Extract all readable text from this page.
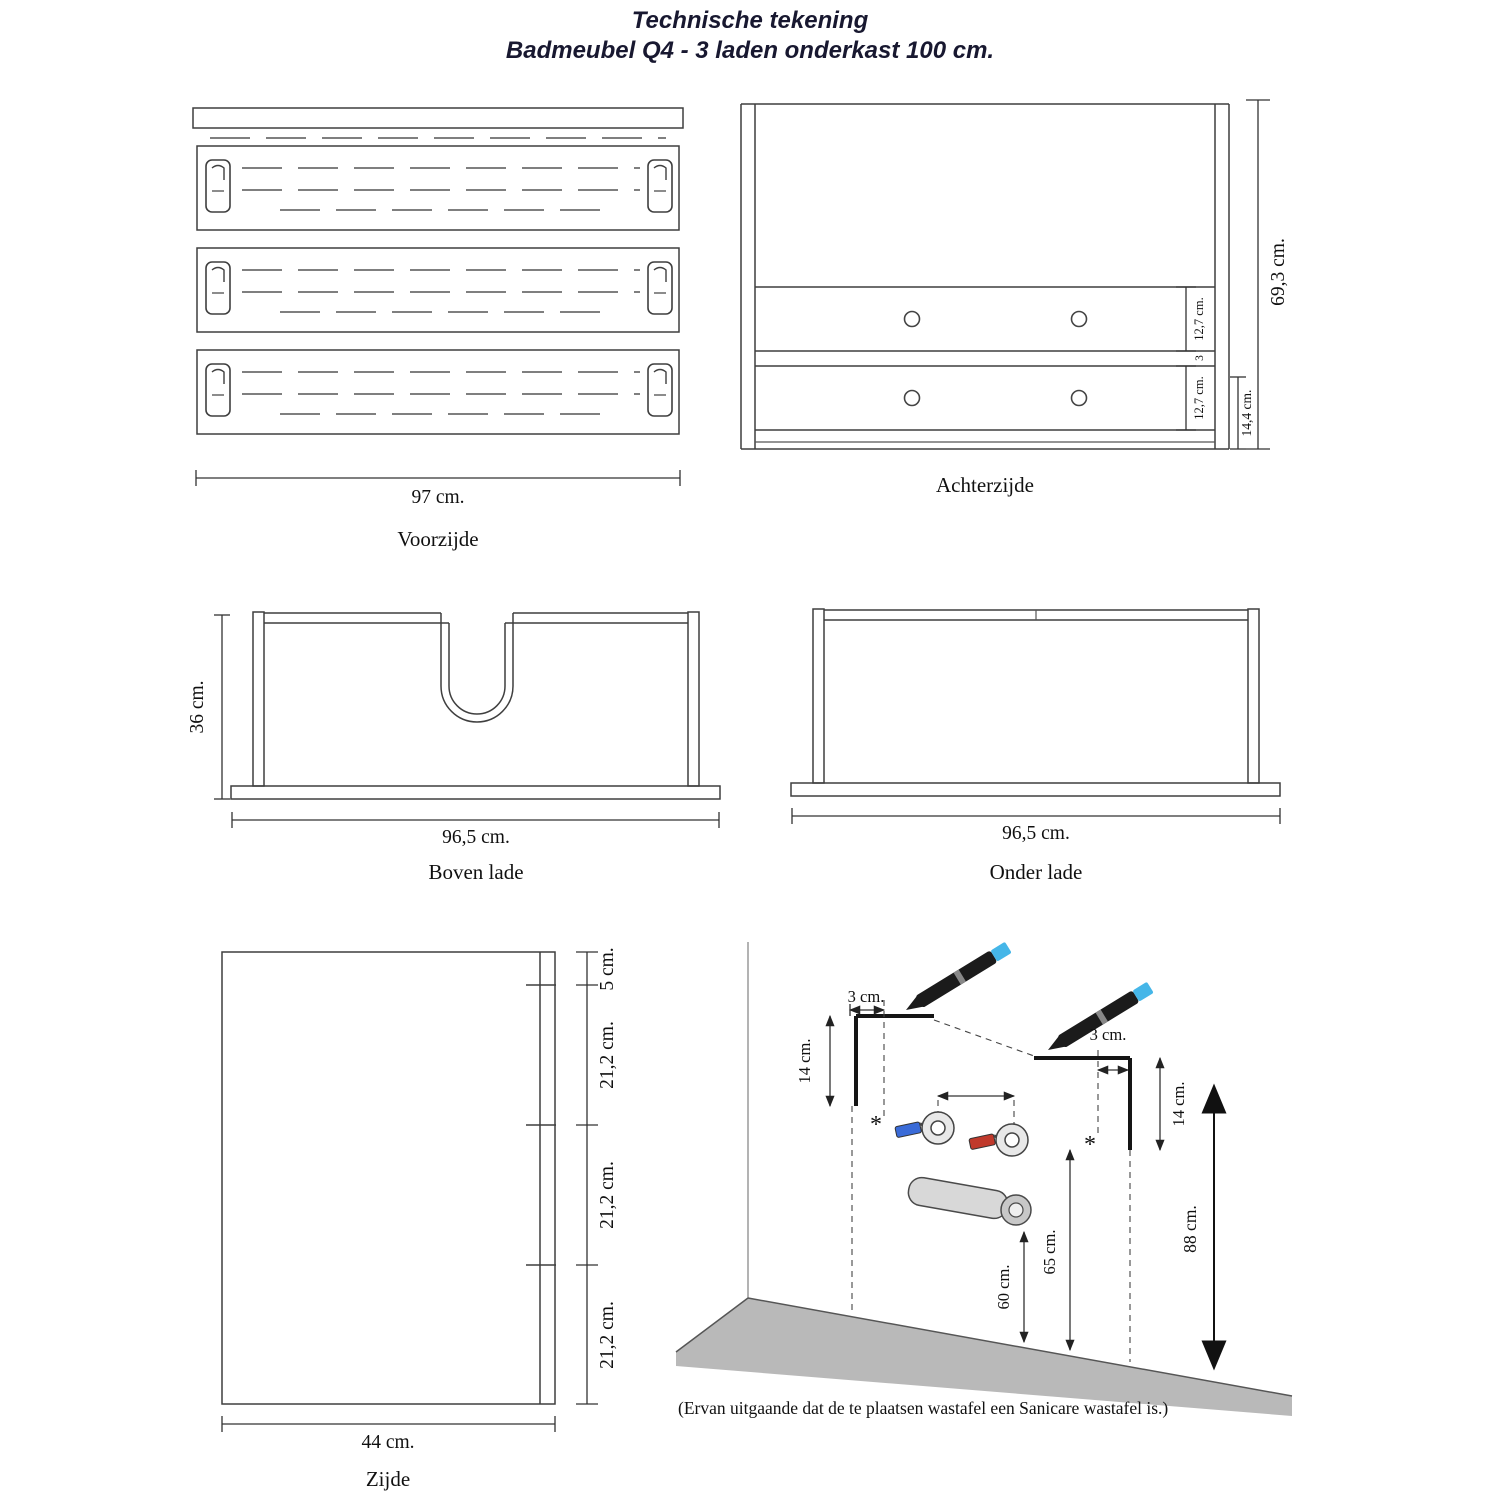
Technische tekening
Badmeubel Q4 - 3 laden onderkast 100 cm.
97 cm.
Voorzijde
12,7 cm.
3
12,7 cm. 14,4 cm.
69,3 cm.
Achterzijde
36 cm.
96,5 cm.
Boven lade
96,5 cm.
Onder lade
5 cm.
21,2 cm.
21,2 cm.
21,2 cm.
44 cm.
Zijde
3 cm.
*
3 cm.
*
14 cm.
14 cm.
60 cm.
65 cm.	88 cm.
(Ervan uitgaande dat de te plaatsen wastafel een Sanicare wastafel is.)
